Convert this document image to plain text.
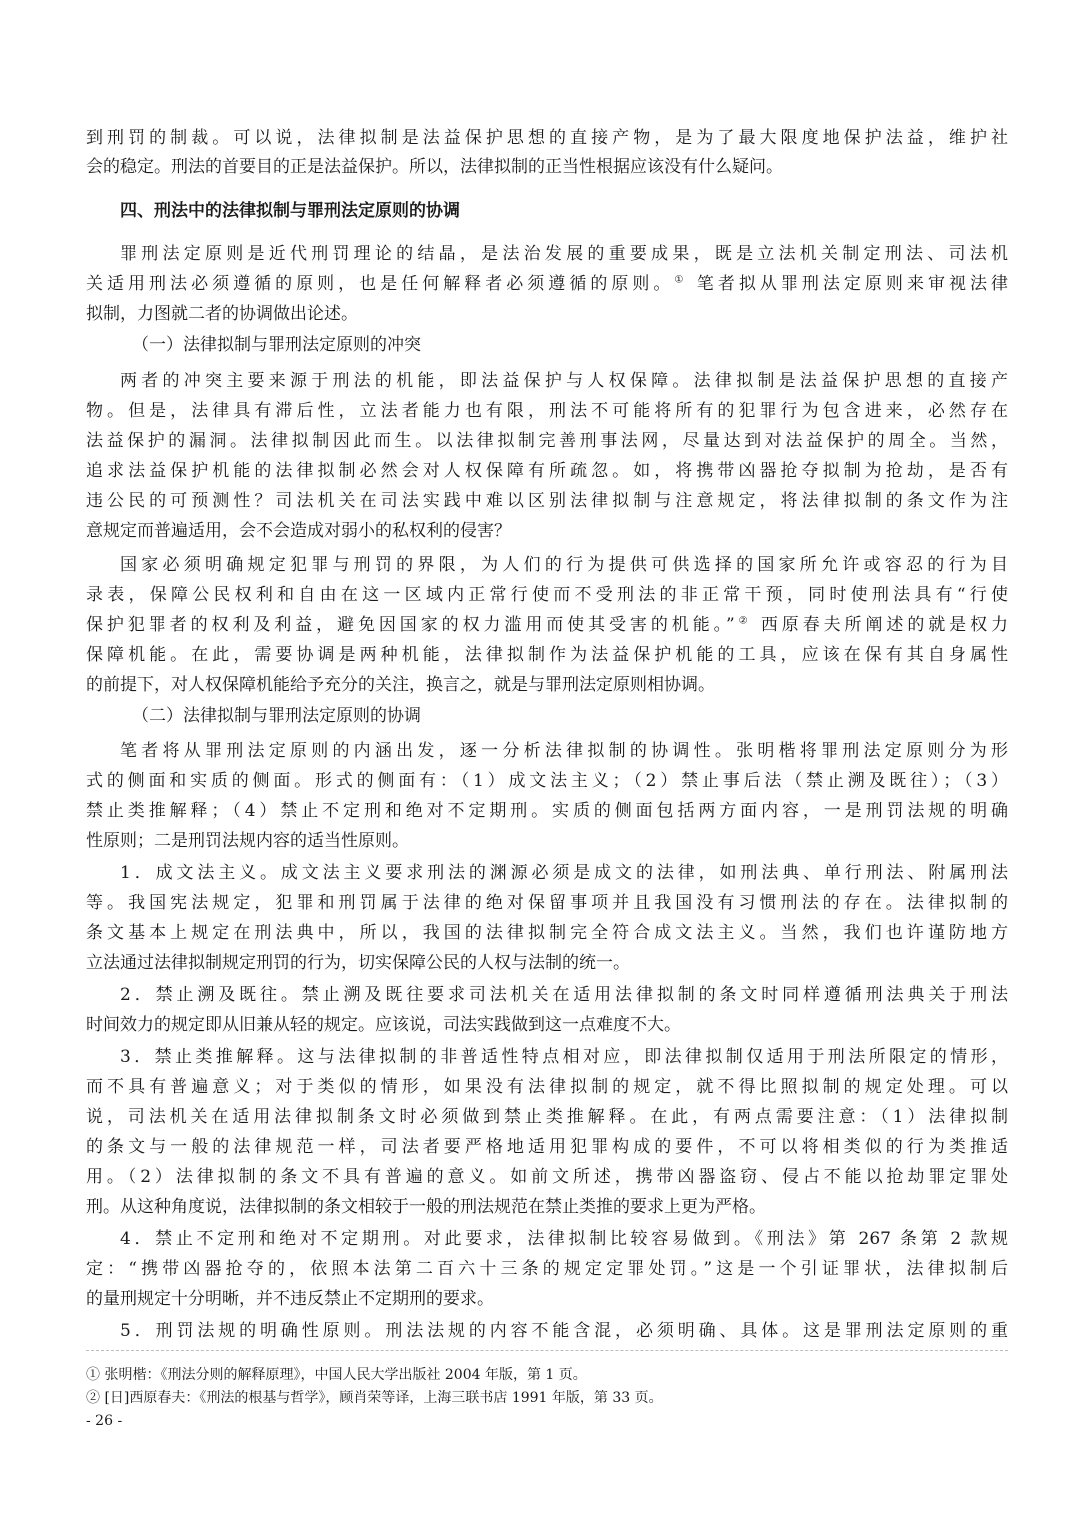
到刑罚的制裁。可以说，法律拟制是法益保护思想的直接产物，是为了最大限度地保护法益，维护社
会的稳定。刑法的首要目的正是法益保护。所以，法律拟制的正当性根据应该没有什么疑问。
四、刑法中的法律拟制与罪刑法定原则的协调
罪刑法定原则是近代刑罚理论的结晶，是法治发展的重要成果，既是立法机关制定刑法、司法机
关适用刑法必须遵循的原则，也是任何解释者必须遵循的原则。① 笔者拟从罪刑法定原则来审视法律
拟制，力图就二者的协调做出论述。
（一）法律拟制与罪刑法定原则的冲突
两者的冲突主要来源于刑法的机能，即法益保护与人权保障。法律拟制是法益保护思想的直接产
物。但是，法律具有滞后性，立法者能力也有限，刑法不可能将所有的犯罪行为包含进来，必然存在
法益保护的漏洞。法律拟制因此而生。以法律拟制完善刑事法网，尽量达到对法益保护的周全。当然，
追求法益保护机能的法律拟制必然会对人权保障有所疏忽。如，将携带凶器抢夺拟制为抢劫，是否有
违公民的可预测性？司法机关在司法实践中难以区别法律拟制与注意规定，将法律拟制的条文作为注
意规定而普遍适用，会不会造成对弱小的私权利的侵害？
国家必须明确规定犯罪与刑罚的界限，为人们的行为提供可供选择的国家所允许或容忍的行为目
录表，保障公民权利和自由在这一区域内正常行使而不受刑法的非正常干预，同时使刑法具有“行使
保护犯罪者的权利及利益，避免因国家的权力滥用而使其受害的机能。”② 西原春夫所阐述的就是权力
保障机能。在此，需要协调是两种机能，法律拟制作为法益保护机能的工具，应该在保有其自身属性
的前提下，对人权保障机能给予充分的关注，换言之，就是与罪刑法定原则相协调。
（二）法律拟制与罪刑法定原则的协调
笔者将从罪刑法定原则的内涵出发，逐一分析法律拟制的协调性。张明楷将罪刑法定原则分为形
式的侧面和实质的侧面。形式的侧面有：（1）成文法主义；（2）禁止事后法（禁止溯及既往）；（3）
禁止类推解释；（4）禁止不定刑和绝对不定期刑。实质的侧面包括两方面内容，一是刑罚法规的明确
性原则；二是刑罚法规内容的适当性原则。
1．成文法主义。成文法主义要求刑法的渊源必须是成文的法律，如刑法典、单行刑法、附属刑法
等。我国宪法规定，犯罪和刑罚属于法律的绝对保留事项并且我国没有习惯刑法的存在。法律拟制的
条文基本上规定在刑法典中，所以，我国的法律拟制完全符合成文法主义。当然，我们也许谨防地方
立法通过法律拟制规定刑罚的行为，切实保障公民的人权与法制的统一。
2．禁止溯及既往。禁止溯及既往要求司法机关在适用法律拟制的条文时同样遵循刑法典关于刑法
时间效力的规定即从旧兼从轻的规定。应该说，司法实践做到这一点难度不大。
3．禁止类推解释。这与法律拟制的非普适性特点相对应，即法律拟制仅适用于刑法所限定的情形，
而不具有普遍意义；对于类似的情形，如果没有法律拟制的规定，就不得比照拟制的规定处理。可以
说，司法机关在适用法律拟制条文时必须做到禁止类推解释。在此，有两点需要注意：（1）法律拟制
的条文与一般的法律规范一样，司法者要严格地适用犯罪构成的要件，不可以将相类似的行为类推适
用。（2）法律拟制的条文不具有普遍的意义。如前文所述，携带凶器盗窃、侵占不能以抢劫罪定罪处
刑。从这种角度说，法律拟制的条文相较于一般的刑法规范在禁止类推的要求上更为严格。
4．禁止不定刑和绝对不定期刑。对此要求，法律拟制比较容易做到。《刑法》第 267 条第 2 款规
定：“携带凶器抢夺的，依照本法第二百六十三条的规定定罪处罚。”这是一个引证罪状，法律拟制后
的量刑规定十分明晰，并不违反禁止不定期刑的要求。
5．刑罚法规的明确性原则。刑法法规的内容不能含混，必须明确、具体。这是罪刑法定原则的重
① 张明楷：《刑法分则的解释原理》，中国人民大学出版社 2004 年版，第 1 页。
② [日]西原春夫：《刑法的根基与哲学》，顾肖荣等译，上海三联书店 1991 年版，第 33 页。
- 26 -
